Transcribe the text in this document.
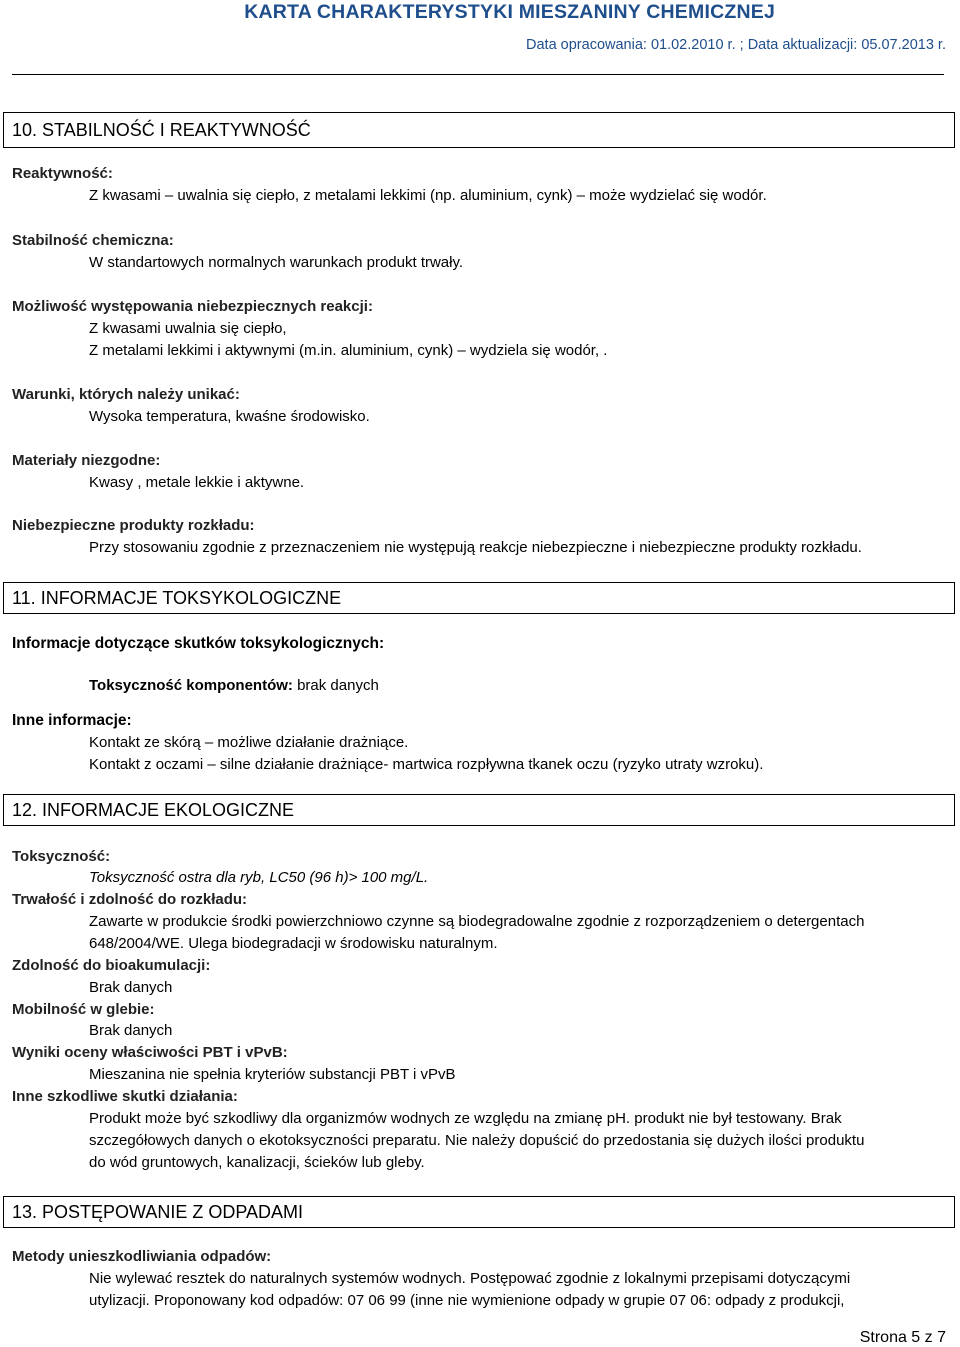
KARTA CHARAKTERYSTYKI MIESZANINY CHEMICZNEJ
Data opracowania: 01.02.2010 r. ; Data aktualizacji: 05.07.2013 r.
10. STABILNOŚĆ I REAKTYWNOŚĆ
Reaktywność:
Z kwasami – uwalnia się ciepło, z metalami lekkimi (np. aluminium, cynk) – może wydzielać się wodór.
Stabilność chemiczna:
W standartowych normalnych warunkach produkt trwały.
Możliwość występowania niebezpiecznych reakcji:
Z kwasami uwalnia się ciepło,
Z metalami lekkimi i aktywnymi (m.in. aluminium, cynk) – wydziela się wodór, .
Warunki, których należy unikać:
Wysoka temperatura, kwaśne środowisko.
Materiały niezgodne:
Kwasy , metale lekkie i aktywne.
Niebezpieczne produkty rozkładu:
Przy stosowaniu zgodnie z przeznaczeniem nie występują reakcje niebezpieczne i niebezpieczne produkty rozkładu.
11. INFORMACJE TOKSYKOLOGICZNE
Informacje dotyczące skutków toksykologicznych:
Toksyczność komponentów: brak danych
Inne informacje:
Kontakt ze skórą – możliwe działanie drażniące.
Kontakt z oczami – silne działanie drażniące- martwica rozpływna tkanek oczu (ryzyko utraty wzroku).
12. INFORMACJE EKOLOGICZNE
Toksyczność:
Toksyczność ostra dla ryb, LC50 (96 h)> 100 mg/L.
Trwałość i zdolność do rozkładu:
Zawarte w produkcie środki powierzchniowo czynne są biodegradowalne zgodnie z rozporządzeniem o detergentach
648/2004/WE. Ulega biodegradacji w środowisku naturalnym.
Zdolność do bioakumulacji:
Brak danych
Mobilność w glebie:
Brak danych
Wyniki oceny właściwości PBT i vPvB:
Mieszanina nie spełnia kryteriów substancji PBT i vPvB
Inne szkodliwe skutki działania:
Produkt może być szkodliwy dla organizmów wodnych ze względu na zmianę pH. produkt nie był testowany. Brak
szczegółowych danych o ekotoksyczności preparatu. Nie należy dopuścić do przedostania się dużych ilości produktu
do wód gruntowych, kanalizacji, ścieków lub gleby.
13. POSTĘPOWANIE Z ODPADAMI
Metody unieszkodliwiania odpadów:
Nie wylewać resztek do naturalnych systemów wodnych. Postępować zgodnie z lokalnymi przepisami dotyczącymi
utylizacji. Proponowany kod odpadów: 07 06 99 (inne nie wymienione odpady w grupie 07 06: odpady z produkcji,
Strona 5 z 7
